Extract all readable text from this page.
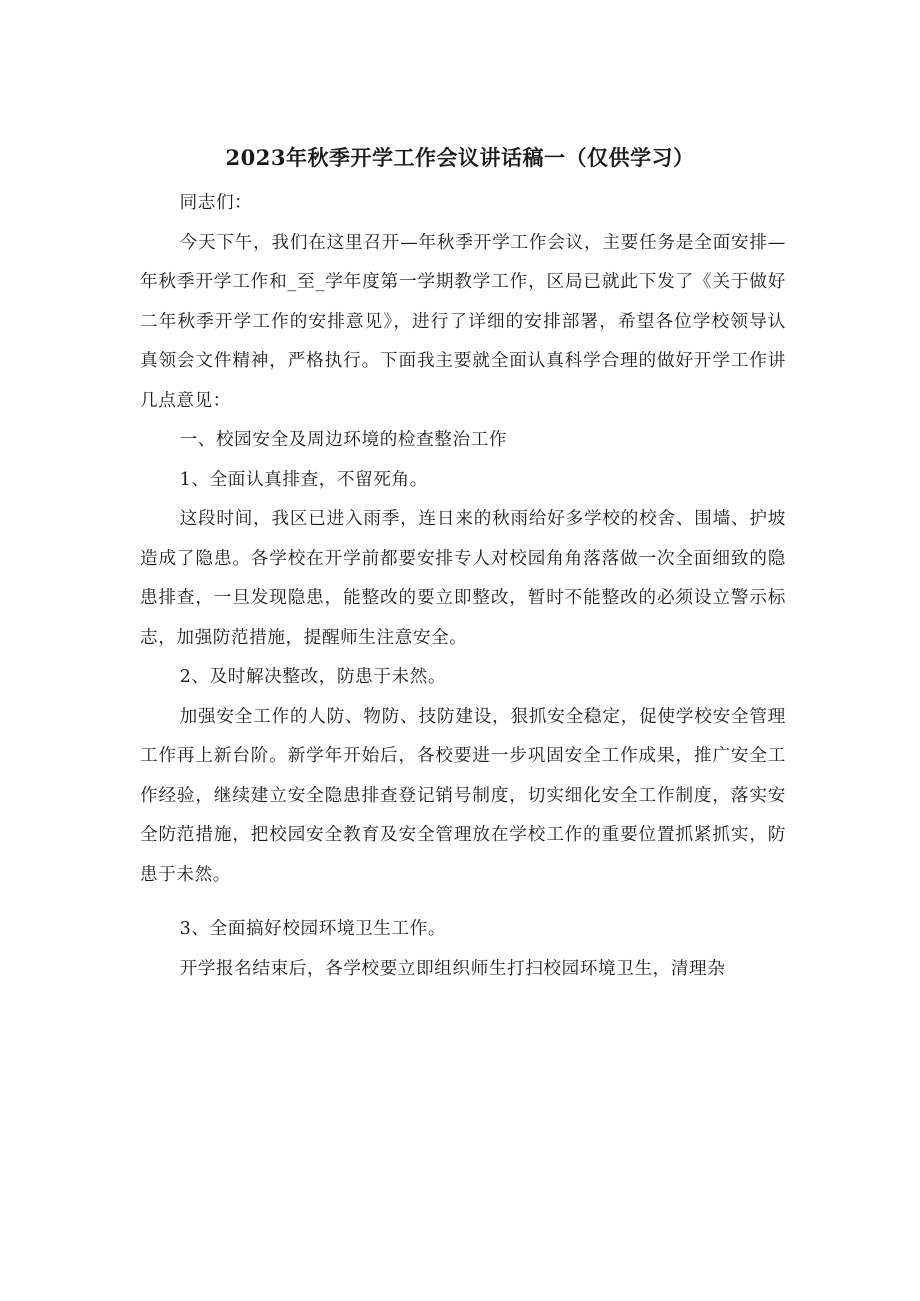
2023年秋季开学工作会议讲话稿一（仅供学习）

同志们：

今天下午，我们在这里召开—年秋季开学工作会议，主要任务是全面安排—年秋季开学工作和_至_学年度第一学期教学工作，区局已就此下发了《关于做好二年秋季开学工作的安排意见》，进行了详细的安排部署，希望各位学校领导认真领会文件精神，严格执行。下面我主要就全面认真科学合理的做好开学工作讲几点意见：

一、校园安全及周边环境的检查整治工作

1、全面认真排查，不留死角。

这段时间，我区已进入雨季，连日来的秋雨给好多学校的校舍、围墙、护坡造成了隐患。各学校在开学前都要安排专人对校园角角落落做一次全面细致的隐患排查，一旦发现隐患，能整改的要立即整改，暂时不能整改的必须设立警示标志，加强防范措施，提醒师生注意安全。

2、及时解决整改，防患于未然。

加强安全工作的人防、物防、技防建设，狠抓安全稳定，促使学校安全管理工作再上新台阶。新学年开始后，各校要进一步巩固安全工作成果，推广安全工作经验，继续建立安全隐患排查登记销号制度，切实细化安全工作制度，落实安全防范措施，把校园安全教育及安全管理放在学校工作的重要位置抓紧抓实，防患于未然。

3、全面搞好校园环境卫生工作。

开学报名结束后，各学校要立即组织师生打扫校园环境卫生，清理杂
